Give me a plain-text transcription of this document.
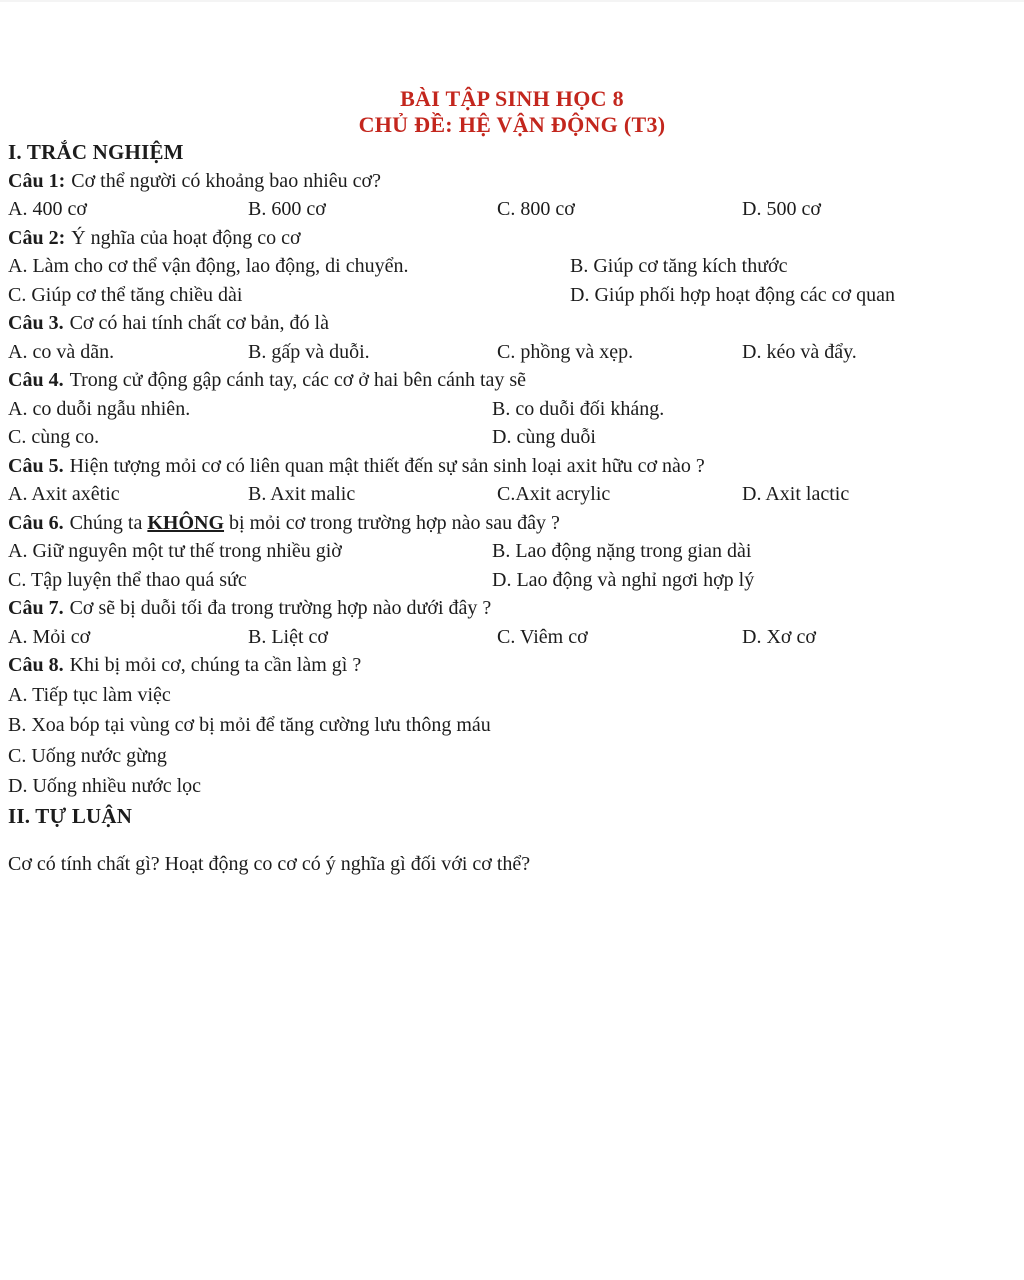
BÀI TẬP SINH HỌC 8
CHỦ ĐỀ: HỆ VẬN ĐỘNG (T3)
I. TRẮC NGHIỆM
Câu 1: Cơ thể người có khoảng bao nhiêu cơ?
A. 400 cơ	B. 600 cơ	C. 800 cơ	D. 500 cơ
Câu 2: Ý nghĩa của hoạt động co cơ
A. Làm cho cơ thể vận động, lao động, di chuyển.	B. Giúp cơ tăng kích thước
C. Giúp cơ thể tăng chiều dài	D. Giúp phối hợp hoạt động các cơ quan
Câu 3. Cơ có hai tính chất cơ bản, đó là
A. co và dãn.	B. gấp và duỗi.	C. phồng và xẹp.	D. kéo và đẩy.
Câu 4. Trong cử động gập cánh tay, các cơ ở hai bên cánh tay sẽ
A. co duỗi ngẫu nhiên.	B. co duỗi đối kháng.
C. cùng co.	D. cùng duỗi
Câu 5. Hiện tượng mỏi cơ có liên quan mật thiết đến sự sản sinh loại axit hữu cơ nào ?
A. Axit axêtic	B. Axit malic	C.Axit acrylic	D. Axit lactic
Câu 6. Chúng ta KHÔNG bị mỏi cơ trong trường hợp nào sau đây ?
A. Giữ nguyên một tư thế trong nhiều giờ	B. Lao động nặng trong gian dài
C. Tập luyện thể thao quá sức	D. Lao động và nghỉ ngơi hợp lý
Câu 7. Cơ sẽ bị duỗi tối đa trong trường hợp nào dưới đây ?
A. Mỏi cơ	B. Liệt cơ	C. Viêm cơ	D. Xơ cơ
Câu 8. Khi bị mỏi cơ, chúng ta cần làm gì ?
A. Tiếp tục làm việc
B. Xoa bóp tại vùng cơ bị mỏi để tăng cường lưu thông máu
C. Uống nước gừng
D. Uống nhiều nước lọc
II. TỰ LUẬN
Cơ có tính chất gì? Hoạt động co cơ có ý nghĩa gì đối với cơ thể?
